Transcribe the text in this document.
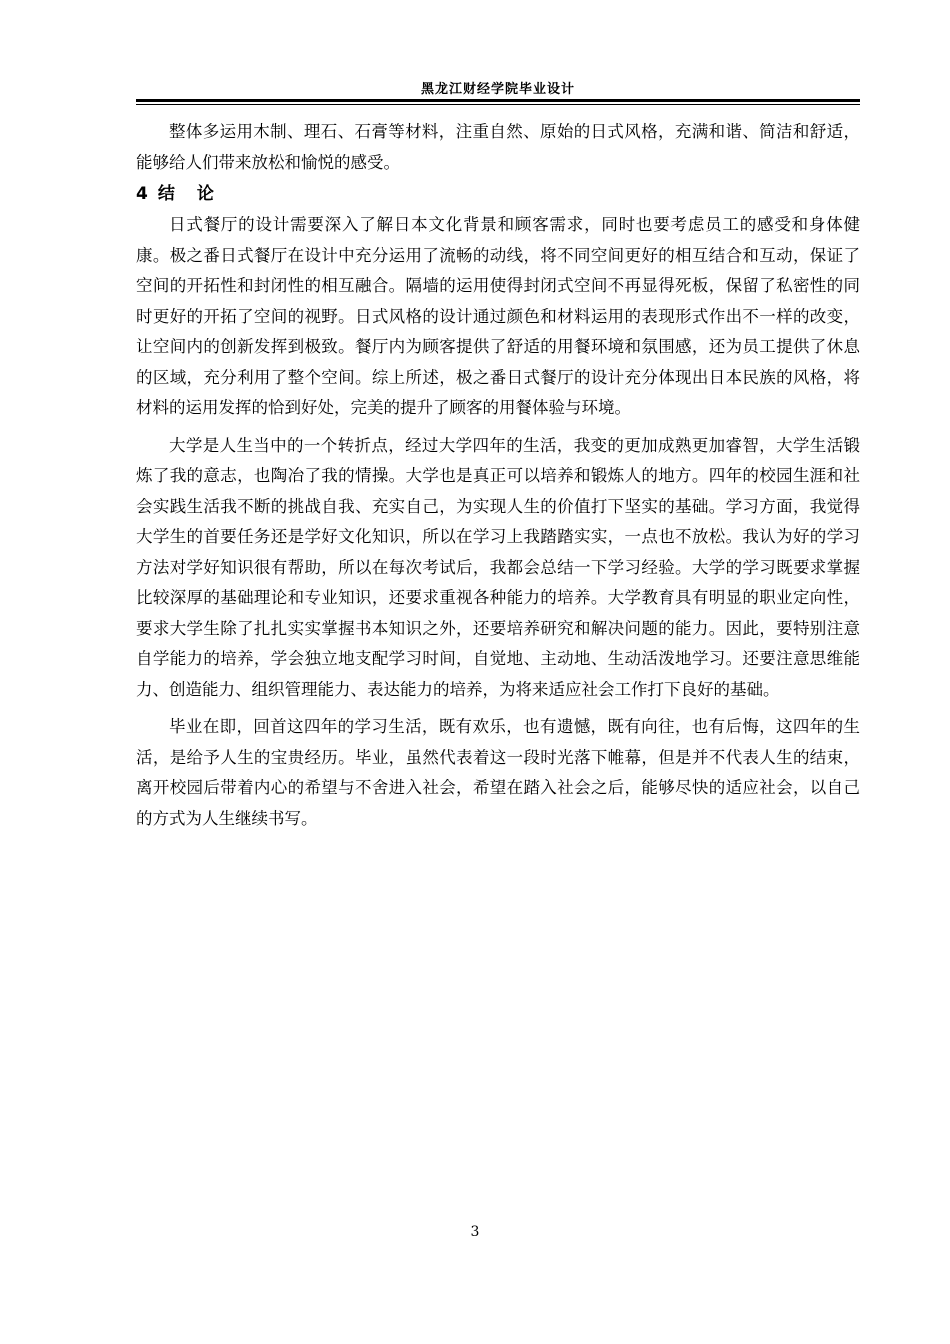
黑龙江财经学院毕业设计

整体多运用木制、理石、石膏等材料，注重自然、原始的日式风格，充满和谐、简洁和舒适，能够给人们带来放松和愉悦的感受。

4 结论

日式餐厅的设计需要深入了解日本文化背景和顾客需求，同时也要考虑员工的感受和身体健康。极之番日式餐厅在设计中充分运用了流畅的动线，将不同空间更好的相互结合和互动，保证了空间的开拓性和封闭性的相互融合。隔墙的运用使得封闭式空间不再显得死板，保留了私密性的同时更好的开拓了空间的视野。日式风格的设计通过颜色和材料运用的表现形式作出不一样的改变，让空间内的创新发挥到极致。餐厅内为顾客提供了舒适的用餐环境和氛围感，还为员工提供了休息的区域，充分利用了整个空间。综上所述，极之番日式餐厅的设计充分体现出日本民族的风格，将材料的运用发挥的恰到好处，完美的提升了顾客的用餐体验与环境。

大学是人生当中的一个转折点，经过大学四年的生活，我变的更加成熟更加睿智，大学生活锻炼了我的意志，也陶冶了我的情操。大学也是真正可以培养和锻炼人的地方。四年的校园生涯和社会实践生活我不断的挑战自我、充实自己，为实现人生的价值打下坚实的基础。学习方面，我觉得大学生的首要任务还是学好文化知识，所以在学习上我踏踏实实，一点也不放松。我认为好的学习方法对学好知识很有帮助，所以在每次考试后，我都会总结一下学习经验。大学的学习既要求掌握比较深厚的基础理论和专业知识，还要求重视各种能力的培养。大学教育具有明显的职业定向性，要求大学生除了扎扎实实掌握书本知识之外，还要培养研究和解决问题的能力。因此，要特别注意自学能力的培养，学会独立地支配学习时间，自觉地、主动地、生动活泼地学习。还要注意思维能力、创造能力、组织管理能力、表达能力的培养，为将来适应社会工作打下良好的基础。

毕业在即，回首这四年的学习生活，既有欢乐，也有遗憾，既有向往，也有后悔，这四年的生活，是给予人生的宝贵经历。毕业，虽然代表着这一段时光落下帷幕，但是并不代表人生的结束，离开校园后带着内心的希望与不舍进入社会，希望在踏入社会之后，能够尽快的适应社会，以自己的方式为人生继续书写。

3
